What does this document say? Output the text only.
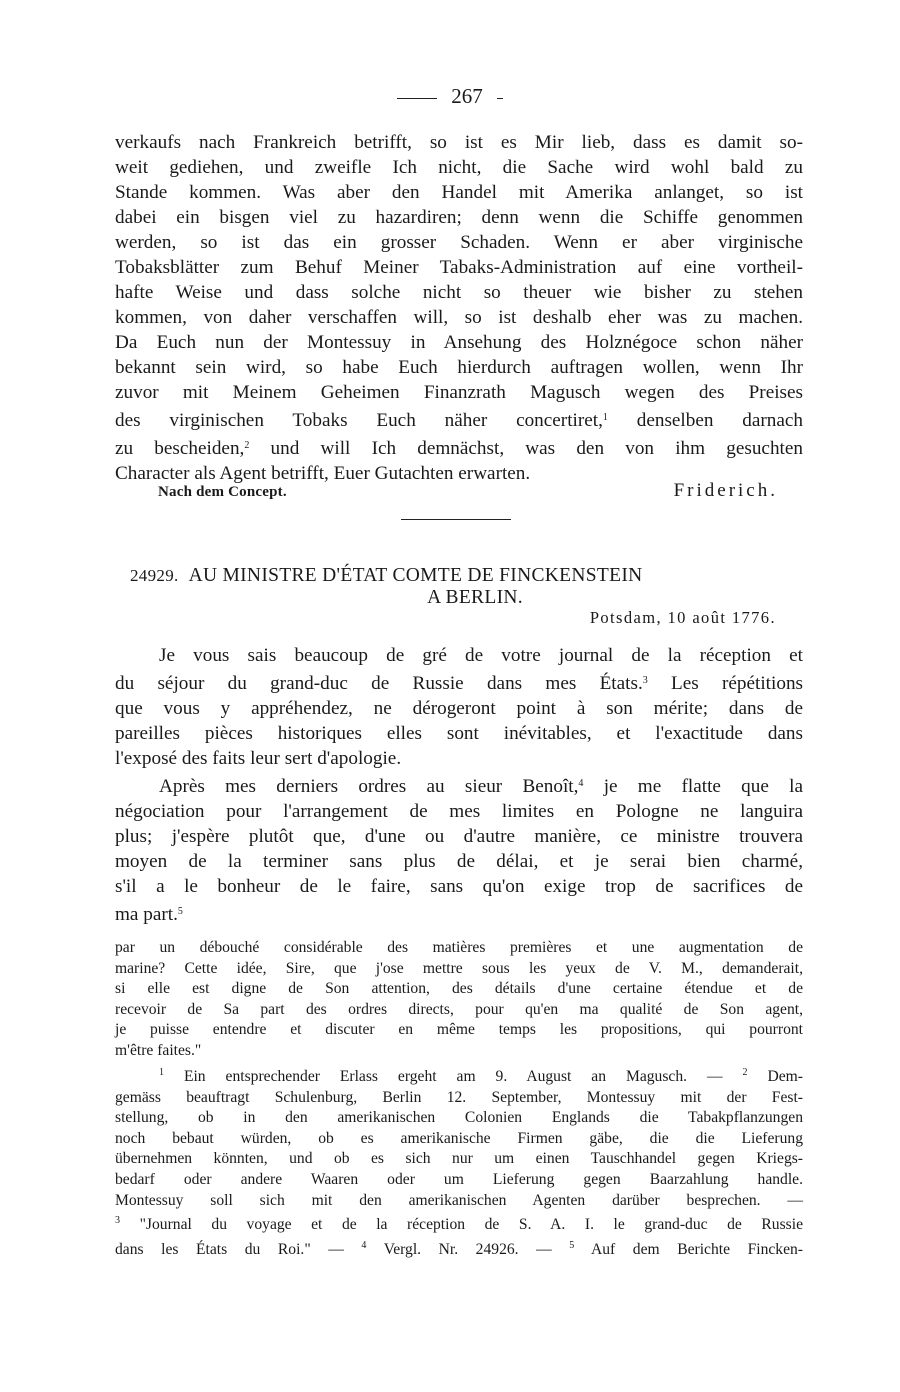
267
verkaufs nach Frankreich betrifft, so ist es Mir lieb, dass es damit so-
weit gediehen, und zweifle Ich nicht, die Sache wird wohl bald zu
Stande kommen. Was aber den Handel mit Amerika anlanget, so ist
dabei ein bisgen viel zu hazardiren; denn wenn die Schiffe genommen
werden, so ist das ein grosser Schaden. Wenn er aber virginische
Tobaksblätter zum Behuf Meiner Tabaks-Administration auf eine vortheil-
hafte Weise und dass solche nicht so theuer wie bisher zu stehen
kommen, von daher verschaffen will, so ist deshalb eher was zu machen.
Da Euch nun der Montessuy in Ansehung des Holznégoce schon näher
bekannt sein wird, so habe Euch hierdurch auftragen wollen, wenn Ihr
zuvor mit Meinem Geheimen Finanzrath Magusch wegen des Preises
des virginischen Tobaks Euch näher concertiret,$^1$ denselben darnach
zu bescheiden,$^2$ und will Ich demnächst, was den von ihm gesuchten
Character als Agent betrifft, Euer Gutachten erwarten.
Nach dem Concept.	Friderich.
24929. AU MINISTRE D'ÉTAT COMTE DE FINCKENSTEIN
A BERLIN.
Potsdam, 10 août 1776.
Je vous sais beaucoup de gré de votre journal de la réception et
du séjour du grand-duc de Russie dans mes États.$^3$ Les répétitions
que vous y appréhendez, ne dérogeront point à son mérite; dans de
pareilles pièces historiques elles sont inévitables, et l'exactitude dans
l'exposé des faits leur sert d'apologie.
Après mes derniers ordres au sieur Benoît,$^4$ je me flatte que la
négociation pour l'arrangement de mes limites en Pologne ne languira
plus; j'espère plutôt que, d'une ou d'autre manière, ce ministre trouvera
moyen de la terminer sans plus de délai, et je serai bien charmé,
s'il a le bonheur de le faire, sans qu'on exige trop de sacrifices de
ma part.$^5$
par un débouché considérable des matières premières et une augmentation de
marine? Cette idée, Sire, que j'ose mettre sous les yeux de V. M., demanderait,
si elle est digne de Son attention, des détails d'une certaine étendue et de
recevoir de Sa part des ordres directs, pour qu'en ma qualité de Son agent,
je puisse entendre et discuter en même temps les propositions, qui pourront
m'être faites."
$^1$ Ein entsprechender Erlass ergeht am 9. August an Magusch. — $^2$ Dem-
gemäss beauftragt Schulenburg, Berlin 12. September, Montessuy mit der Fest-
stellung, ob in den amerikanischen Colonien Englands die Tabakpflanzungen
noch bebaut würden, ob es amerikanische Firmen gäbe, die die Lieferung
übernehmen könnten, und ob es sich nur um einen Tauschhandel gegen Kriegs-
bedarf oder andere Waaren oder um Lieferung gegen Baarzahlung handle.
Montessuy soll sich mit den amerikanischen Agenten darüber besprechen. —
$^3$ "Journal du voyage et de la réception de S. A. I. le grand-duc de Russie
dans les États du Roi." — $^4$ Vergl. Nr. 24926. — $^5$ Auf dem Berichte Fincken-
